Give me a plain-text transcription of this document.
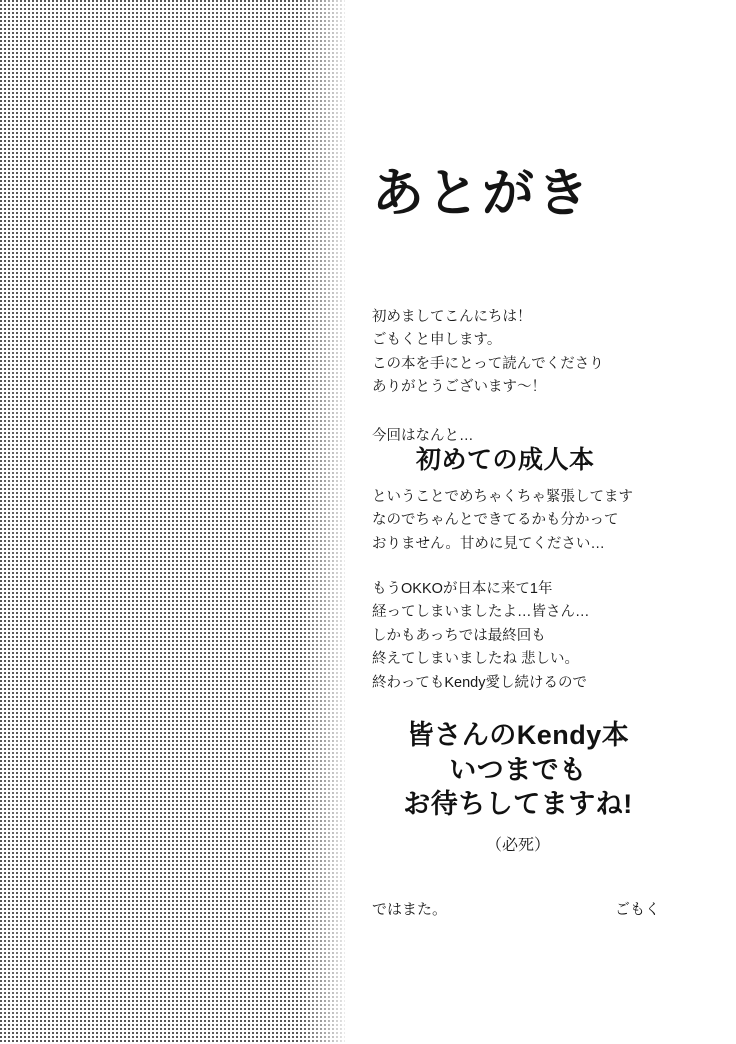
あとがき
初めましてこんにちは！
ごもくと申します。
この本を手にとって読んでくださり
ありがとうございます〜！
今回はなんと…
初めての成人本
ということでめちゃくちゃ緊張してます
なのでちゃんとできてるかも分かって
おりません。甘めに見てください…
もうOKKOが日本に来て1年
経ってしまいましたよ…皆さん…
しかもあっちでは最終回も
終えてしまいましたね 悲しい。
終わってもKendy愛し続けるので
皆さんのKendy本
いつまでも
お待ちしてますね!
（必死）
ではまた。	ごもく
